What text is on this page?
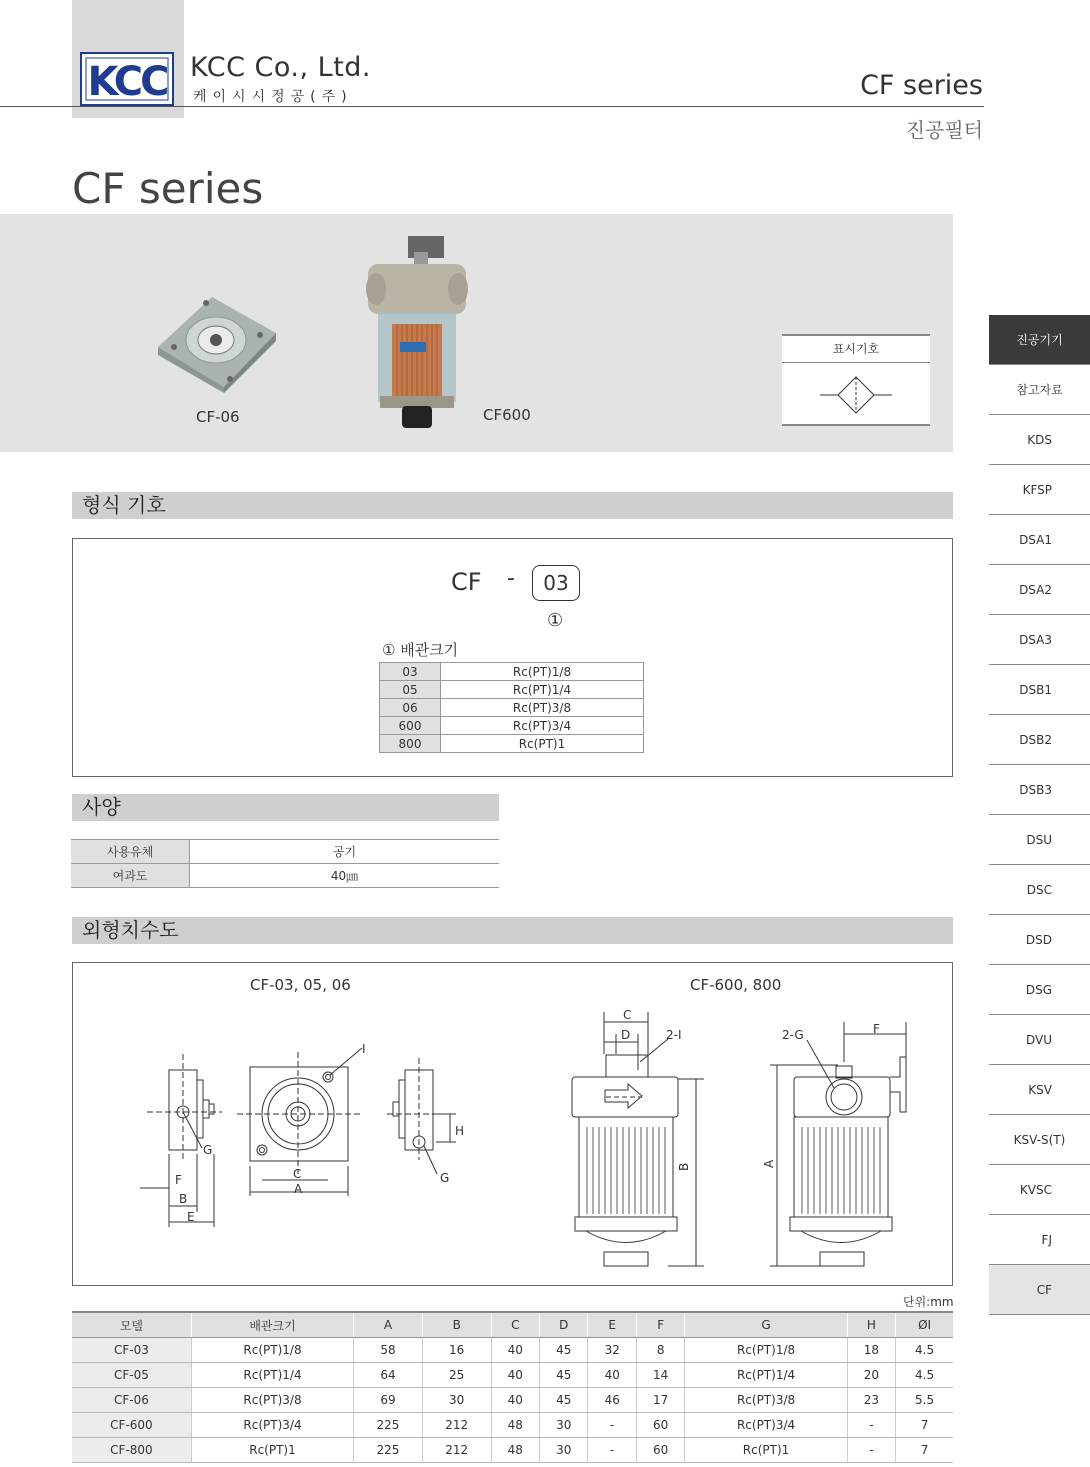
KCC KCC Co., Ltd.
케이시시정공(주)	CF series
진공필터
CF series
CF-06	CF600
표시기호
형식 기호
CF -	03
①
① 배관크기
03	Rc(PT)1/8
05	Rc(PT)1/4
06	Rc(PT)3/8
600	Rc(PT)3/4
800	Rc(PT)1
사양
사용유체	공기
여과도	40㎛
외형치수도
CF-03, 05, 06	CF-600, 800
I
G
F
B
E
C
A
H
G
C
D	2-I
B
2-G	F
A
단위:mm
모델	배관크기	A	B	C	D	E	F	G	H	ØI
CF-03	Rc(PT)1/8	58	16	40	45	32	8	Rc(PT)1/8	18	4.5
CF-05	Rc(PT)1/4	64	25	40	45	40	14	Rc(PT)1/4	20	4.5
CF-06	Rc(PT)3/8	69	30	40	45	46	17	Rc(PT)3/8	23	5.5
CF-600	Rc(PT)3/4	225	212	48	30	-	60	Rc(PT)3/4	-	7
CF-800	Rc(PT)1	225	212	48	30	-	60	Rc(PT)1	-	7
진공기기
참고자료
KDS
KFSP
DSA1
DSA2
DSA3
DSB1
DSB2
DSB3
DSU
DSC
DSD
DSG
DVU
KSV
KSV-S(T)
KVSC
FJ
CF
